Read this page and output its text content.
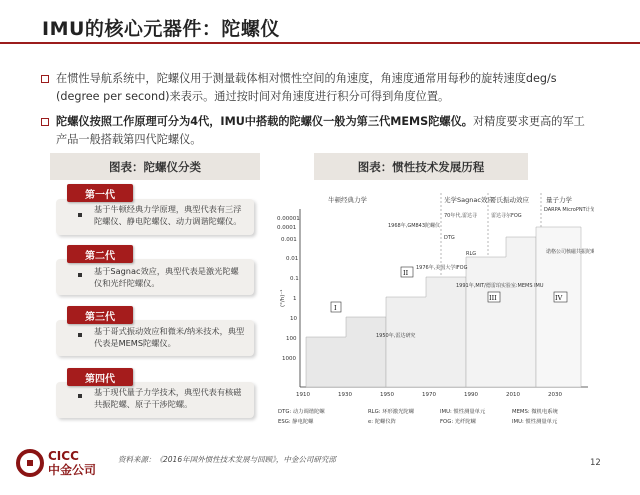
IMU的核心元器件：陀螺仪
在惯性导航系统中，陀螺仪用于测量载体相对惯性空间的角速度，角速度通常用每秒的旋转速度deg/s (degree per second)来表示。通过按时间对角速度进行积分可得到角度位置。
陀螺仪按照工作原理可分为4代，IMU中搭载的陀螺仪一般为第三代MEMS陀螺仪。对精度要求更高的军工产品一般搭载第四代陀螺仪。
图表：陀螺仪分类
第一代
基于牛顿经典力学原理，典型代表有三浮陀螺仪、静电陀螺仪、动力调谐陀螺仪。
第二代
基于Sagnac效应，典型代表是激光陀螺仪和光纤陀螺仪。
第三代
基于哥式振动效应和微米/纳米技术，典型代表是MEMS陀螺仪。
第四代
基于现代量子力学技术，典型代表有核磁共振陀螺、原子干涉陀螺。
图表：惯性技术发展历程
牛顿经典力学	光学Sagnac效应
哥氏振动效应	量子力学
(°/h)⁻¹
0.00001
0.0001
0.001
0.01
0.1
1
10
100
1000
1910	1930	1950	1970	1990	2010	2030
I
II
III	IV
1968年,GM843陀螺仪
70年代,雷达寻
DTG
RLG
1976年,美国大学IFOG
1991年,MIT/德雷珀实验室:MEMS IMU
雷达寻尔FOG
DARPA MicroPNT计划
诺格公司核磁共振陀螺
1950年,雷达研究
DTG: 动力调谐陀螺	RLG: 环形激光陀螺	IMU: 惯性测量单元	MEMS: 微机电系统
ESG: 静电陀螺	e: 陀螺仪阵	FOG: 光纤陀螺	IMU: 惯性测量单元
CICC
中金公司
资料来源：《2016年国外惯性技术发展与回顾》，中金公司研究部	12
